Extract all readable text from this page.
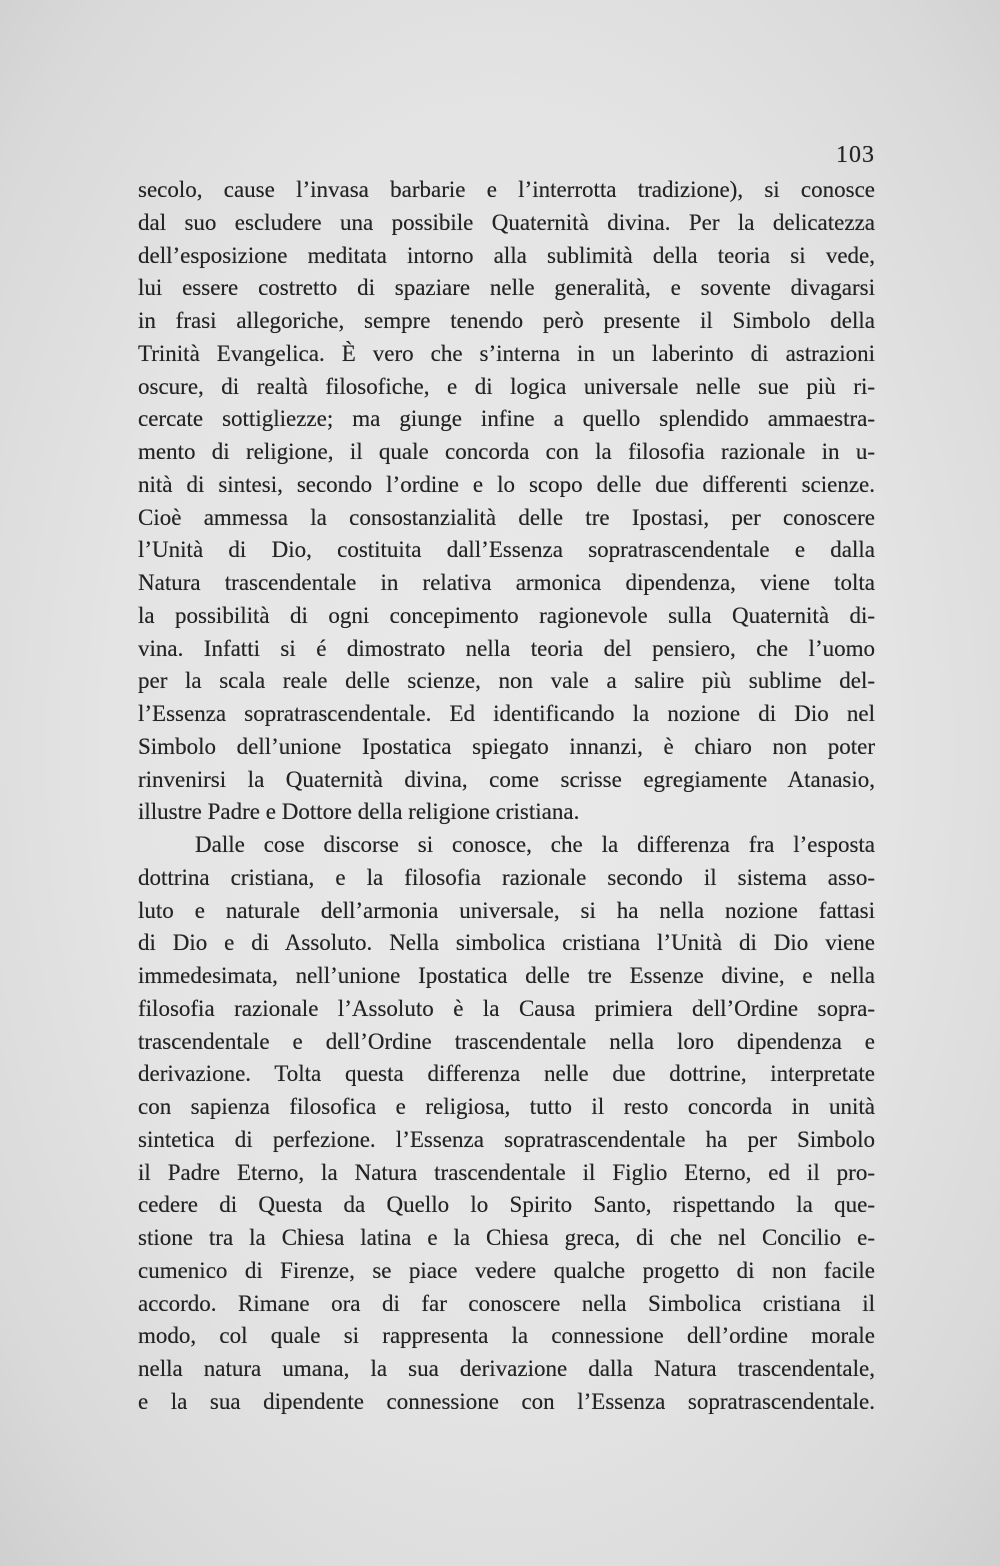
103
secolo, cause l’invasa barbarie e l’interrotta tradizione), si conosce
dal suo escludere una possibile Quaternità divina. Per la delicatezza
dell’esposizione meditata intorno alla sublimità della teoria si vede,
lui essere costretto di spaziare nelle generalità, e sovente divagarsi
in frasi allegoriche, sempre tenendo però presente il Simbolo della
Trinità Evangelica. È vero che s’interna in un laberinto di astrazioni
oscure, di realtà filosofiche, e di logica universale nelle sue più ri-
cercate sottigliezze; ma giunge infine a quello splendido ammaestra-
mento di religione, il quale concorda con la filosofia razionale in u-
nità di sintesi, secondo l’ordine e lo scopo delle due differenti scienze.
Cioè ammessa la consostanzialità delle tre Ipostasi, per conoscere
l’Unità di Dio, costituita dall’Essenza sopratrascendentale e dalla
Natura trascendentale in relativa armonica dipendenza, viene tolta
la possibilità di ogni concepimento ragionevole sulla Quaternità di-
vina. Infatti si é dimostrato nella teoria del pensiero, che l’uomo
per la scala reale delle scienze, non vale a salire più sublime del-
l’Essenza sopratrascendentale. Ed identificando la nozione di Dio nel
Simbolo dell’unione Ipostatica spiegato innanzi, è chiaro non poter
rinvenirsi la Quaternità divina, come scrisse egregiamente Atanasio,
illustre Padre e Dottore della religione cristiana.
Dalle cose discorse si conosce, che la differenza fra l’esposta
dottrina cristiana, e la filosofia razionale secondo il sistema asso-
luto e naturale dell’armonia universale, si ha nella nozione fattasi
di Dio e di Assoluto. Nella simbolica cristiana l’Unità di Dio viene
immedesimata, nell’unione Ipostatica delle tre Essenze divine, e nella
filosofia razionale l’Assoluto è la Causa primiera dell’Ordine sopra-
trascendentale e dell’Ordine trascendentale nella loro dipendenza e
derivazione. Tolta questa differenza nelle due dottrine, interpretate
con sapienza filosofica e religiosa, tutto il resto concorda in unità
sintetica di perfezione. l’Essenza sopratrascendentale ha per Simbolo
il Padre Eterno, la Natura trascendentale il Figlio Eterno, ed il pro-
cedere di Questa da Quello lo Spirito Santo, rispettando la que-
stione tra la Chiesa latina e la Chiesa greca, di che nel Concilio e-
cumenico di Firenze, se piace vedere qualche progetto di non facile
accordo. Rimane ora di far conoscere nella Simbolica cristiana il
modo, col quale si rappresenta la connessione dell’ordine morale
nella natura umana, la sua derivazione dalla Natura trascendentale,
e la sua dipendente connessione con l’Essenza sopratrascendentale.
